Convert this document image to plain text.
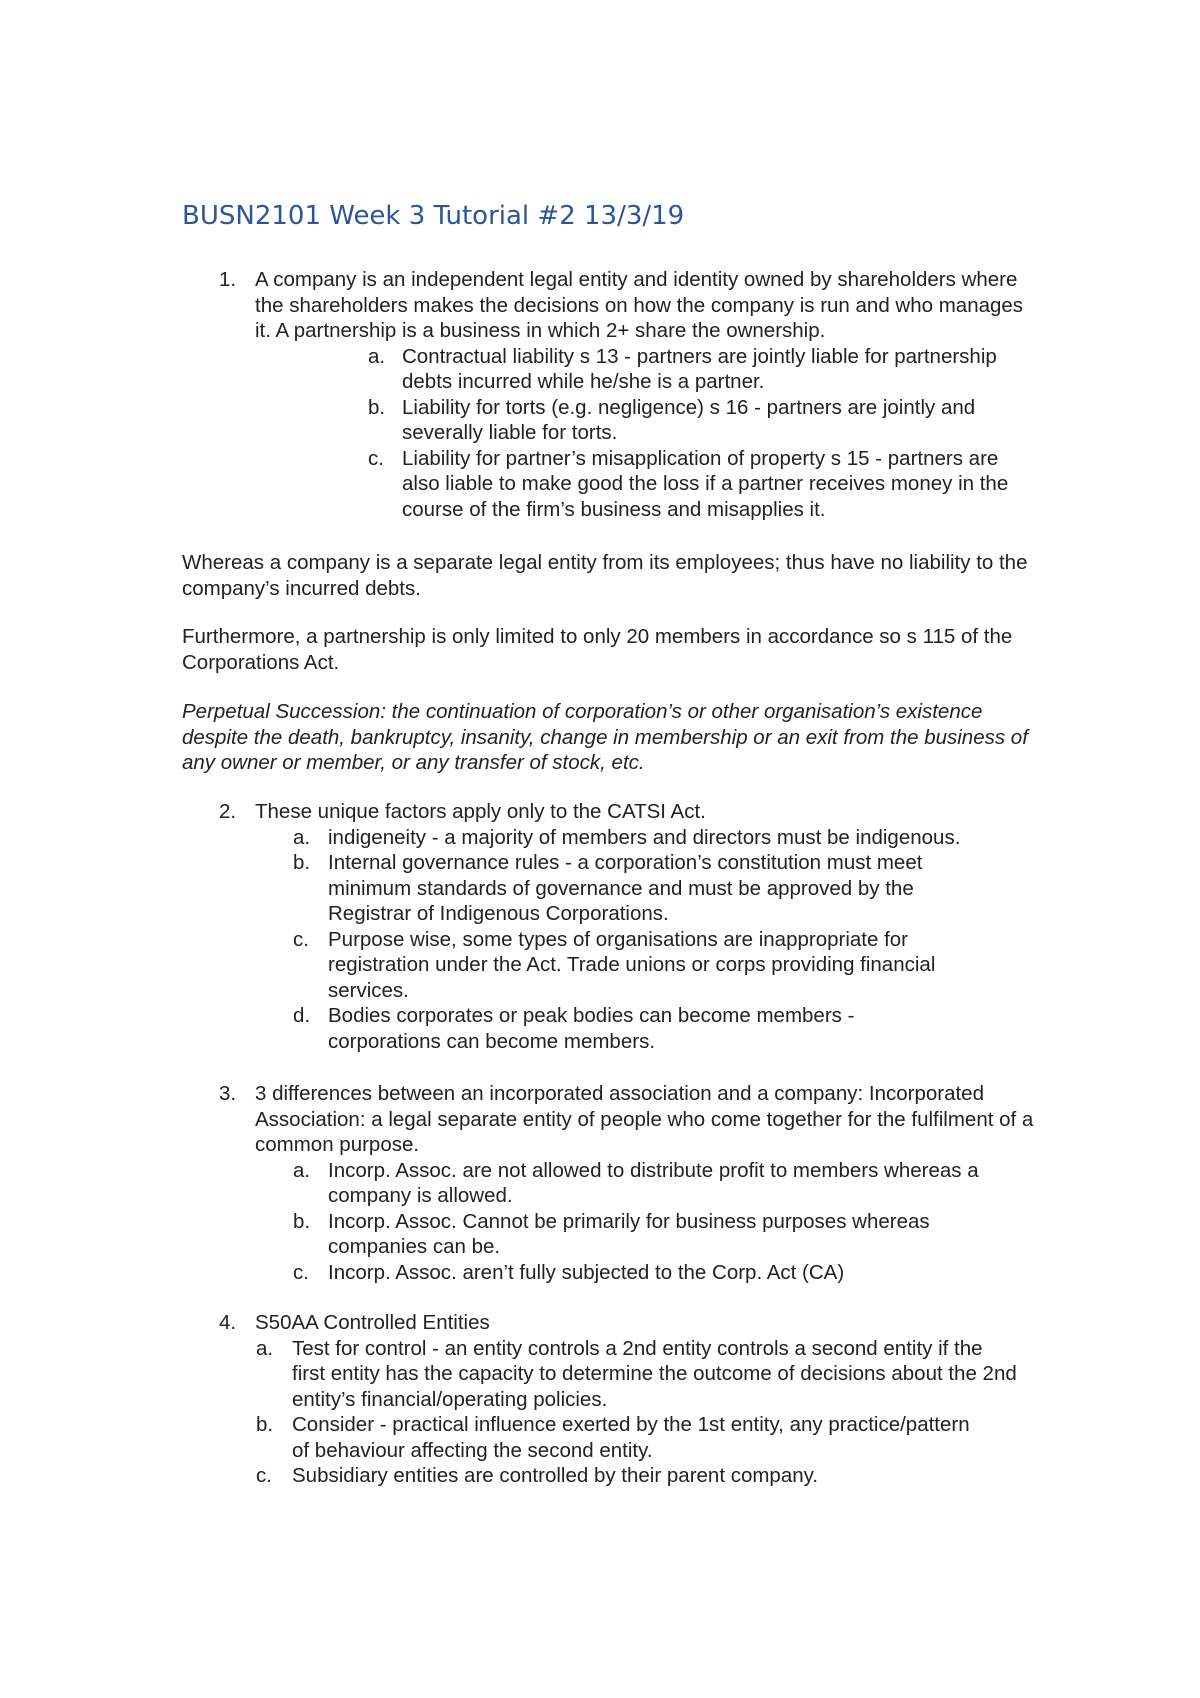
BUSN2101 Week 3 Tutorial #2 13/3/19
1. A company is an independent legal entity and identity owned by shareholders where the shareholders makes the decisions on how the company is run and who manages it. A partnership is a business in which 2+ share the ownership.
a. Contractual liability s 13 - partners are jointly liable for partnership debts incurred while he/she is a partner.
b. Liability for torts (e.g. negligence) s 16 - partners are jointly and severally liable for torts.
c. Liability for partner’s misapplication of property s 15 - partners are also liable to make good the loss if a partner receives money in the course of the firm’s business and misapplies it.

Whereas a company is a separate legal entity from its employees; thus have no liability to the company’s incurred debts.

Furthermore, a partnership is only limited to only 20 members in accordance so s 115 of the Corporations Act.

Perpetual Succession: the continuation of corporation’s or other organisation’s existence despite the death, bankruptcy, insanity, change in membership or an exit from the business of any owner or member, or any transfer of stock, etc.

2. These unique factors apply only to the CATSI Act.
a. indigeneity - a majority of members and directors must be indigenous.
b. Internal governance rules - a corporation’s constitution must meet minimum standards of governance and must be approved by the Registrar of Indigenous Corporations.
c. Purpose wise, some types of organisations are inappropriate for registration under the Act. Trade unions or corps providing financial services.
d. Bodies corporates or peak bodies can become members - corporations can become members.
3. 3 differences between an incorporated association and a company: Incorporated Association: a legal separate entity of people who come together for the fulfilment of a common purpose.
a. Incorp. Assoc. are not allowed to distribute profit to members whereas a company is allowed.
b. Incorp. Assoc. Cannot be primarily for business purposes whereas companies can be.
c. Incorp. Assoc. aren’t fully subjected to the Corp. Act (CA)
4. S50AA Controlled Entities
a. Test for control - an entity controls a 2nd entity controls a second entity if the first entity has the capacity to determine the outcome of decisions about the 2nd entity’s financial/operating policies.
b. Consider - practical influence exerted by the 1st entity, any practice/pattern of behaviour affecting the second entity.
c. Subsidiary entities are controlled by their parent company.
